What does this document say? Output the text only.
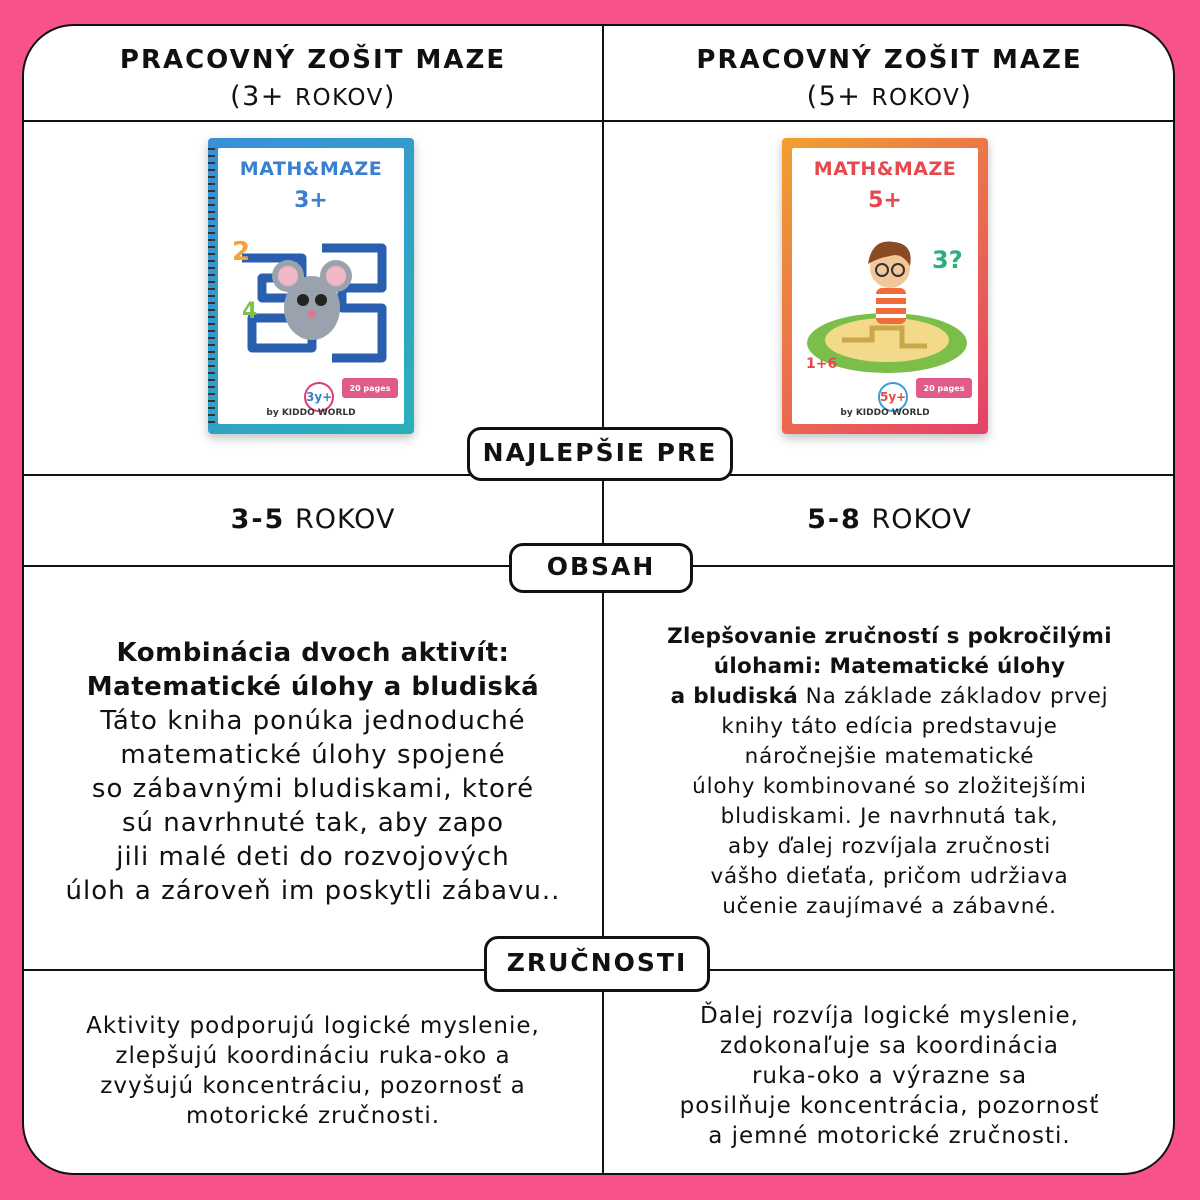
PRACOVNÝ ZOŠIT MAZE
(3+ ROKOV)
PRACOVNÝ ZOŠIT MAZE
(5+ ROKOV)
MATH&MAZE
3+
2
4
3y+
20 pages
by KIDDO WORLD
MATH&MAZE
5+
3?
1+6
5y+
20 pages
by KIDDO WORLD
3-5 ROKOV	5-8 ROKOV
Kombinácia dvoch aktivít: Matematické úlohy a bludiská
Táto kniha ponúka jednoduché
matematické úlohy spojené
so zábavnými bludiskami, ktoré
sú navrhnuté tak, aby zapo
jili malé deti do rozvojových
úloh a zároveň im poskytli zábavu..
Zlepšovanie zručností s pokročilými
úlohami: Matematické úlohy
a bludiská Na základe základov prvej
knihy táto edícia predstavuje
náročnejšie matematické
úlohy kombinované so zložitejšími
bludiskami. Je navrhnutá tak,
aby ďalej rozvíjala zručnosti
vášho dieťaťa, pričom udržiava
učenie zaujímavé a zábavné.
Aktivity podporujú logické myslenie,
zlepšujú koordináciu ruka-oko a
zvyšujú koncentráciu, pozornosť a
motorické zručnosti.
Ďalej rozvíja logické myslenie,
zdokonaľuje sa koordinácia
ruka-oko a výrazne sa
posilňuje koncentrácia, pozornosť
a jemné motorické zručnosti.
NAJLEPŠIE PRE
OBSAH
ZRUČNOSTI
